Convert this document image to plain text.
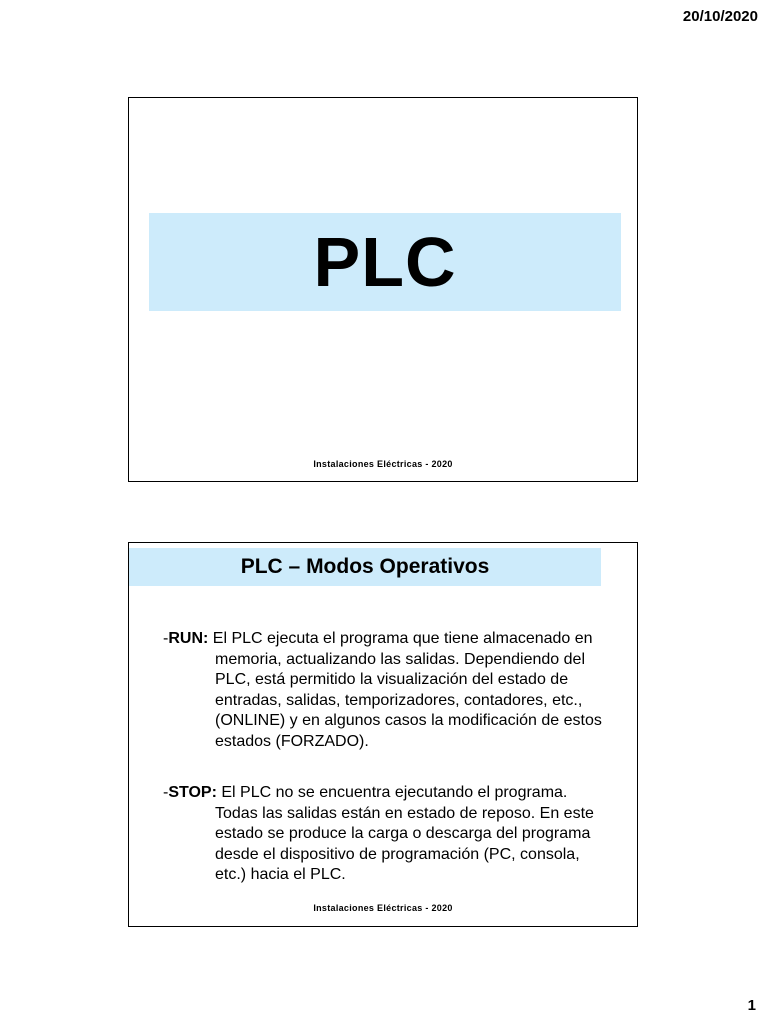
20/10/2020
PLC
Instalaciones Eléctricas - 2020
PLC – Modos Operativos

-RUN: El PLC ejecuta el programa que tiene almacenado en memoria, actualizando las salidas. Dependiendo del PLC, está permitido la visualización del estado de entradas, salidas, temporizadores, contadores, etc., (ONLINE) y en algunos casos la modificación de estos estados (FORZADO).

-STOP: El PLC no se encuentra ejecutando el programa. Todas las salidas están en estado de reposo. En este estado se produce la carga o descarga del programa desde el dispositivo de programación (PC, consola, etc.) hacia el PLC.

Instalaciones Eléctricas - 2020
1
